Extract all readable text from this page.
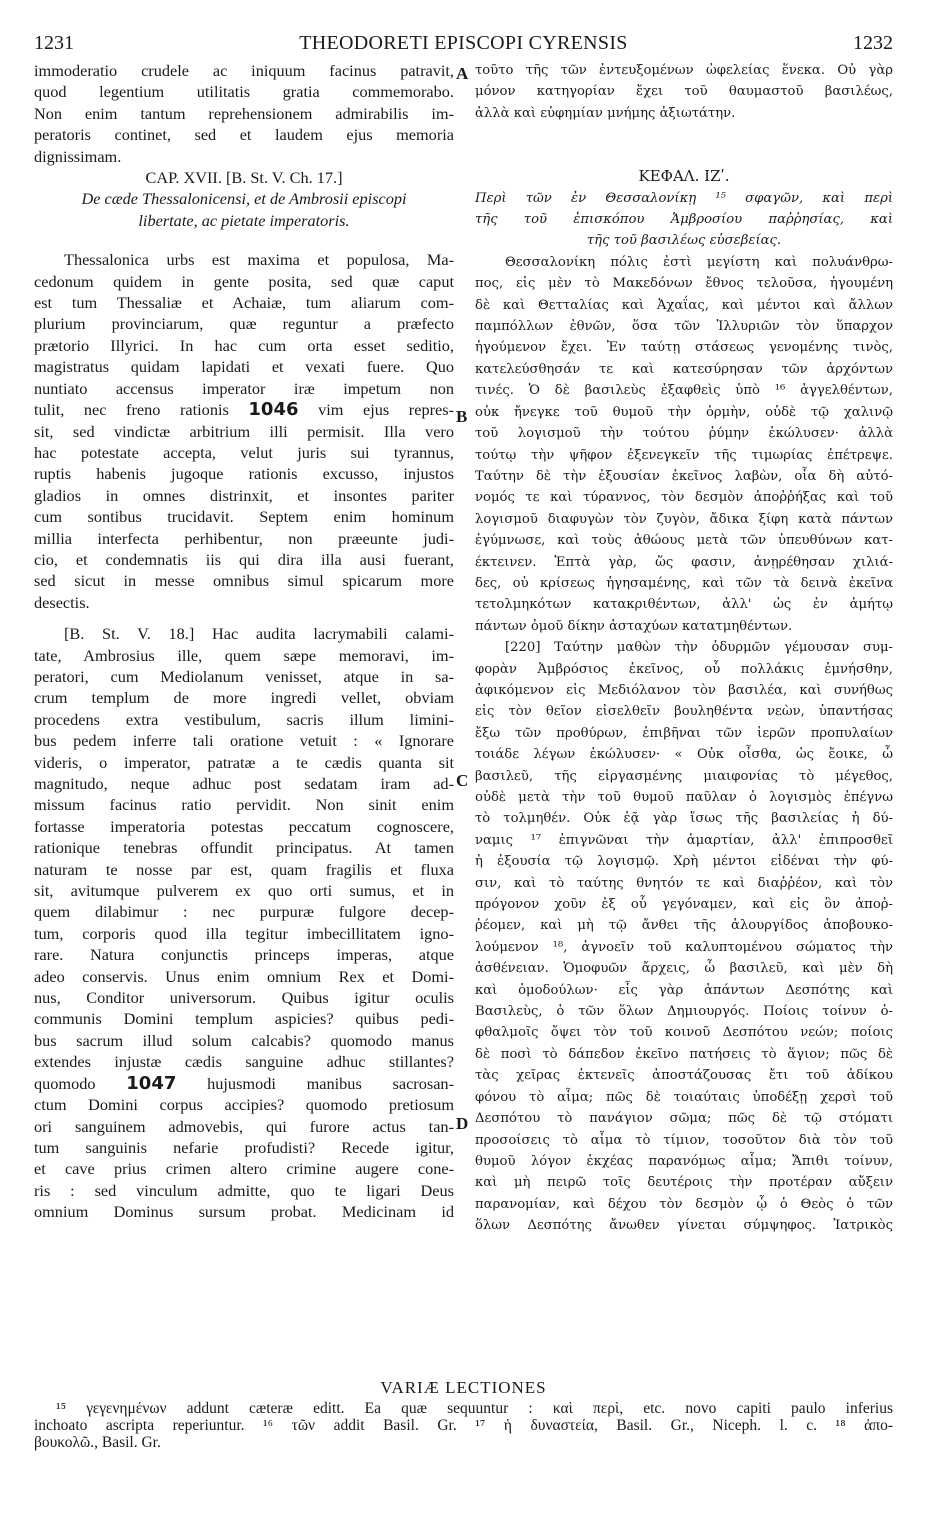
1231	THEODORETI EPISCOPI CYRENSIS	1232
A
B
C
D
immoderatio crudele ac iniquum facinus patravit,
quod legentium utilitatis gratia commemorabo.
Non enim tantum reprehensionem admirabilis im-
peratoris continet, sed et laudem ejus memoria
dignissimam.
CAP. XVII. [B. St. V. Ch. 17.]
De cæde Thessalonicensi, et de Ambrosii episcopi
libertate, ac pietate imperatoris.
Thessalonica urbs est maxima et populosa, Ma-
cedonum quidem in gente posita, sed quæ caput
est tum Thessaliæ et Achaiæ, tum aliarum com-
plurium provinciarum, quæ reguntur a præfecto
prætorio Illyrici. In hac cum orta esset seditio,
magistratus quidam lapidati et vexati fuere. Quo
nuntiato accensus imperator iræ impetum non
tulit, nec freno rationis 1046 vim ejus repres-
sit, sed vindictæ arbitrium illi permisit. Illa vero
hac potestate accepta, velut juris sui tyrannus,
ruptis habenis jugoque rationis excusso, injustos
gladios in omnes distrinxit, et insontes pariter
cum sontibus trucidavit. Septem enim hominum
millia interfecta perhibentur, non præeunte judi-
cio, et condemnatis iis qui dira illa ausi fuerant,
sed sicut in messe omnibus simul spicarum more
desectis.
[B. St. V. 18.] Hac audita lacrymabili calami-
tate, Ambrosius ille, quem sæpe memoravi, im-
peratori, cum Mediolanum venisset, atque in sa-
crum templum de more ingredi vellet, obviam
procedens extra vestibulum, sacris illum limini-
bus pedem inferre tali oratione vetuit : « Ignorare
videris, o imperator, patratæ a te cædis quanta sit
magnitudo, neque adhuc post sedatam iram ad-
missum facinus ratio pervidit. Non sinit enim
fortasse imperatoria potestas peccatum cognoscere,
rationique tenebras offundit principatus. At tamen
naturam te nosse par est, quam fragilis et fluxa
sit, avitumque pulverem ex quo orti sumus, et in
quem dilabimur : nec purpuræ fulgore decep-
tum, corporis quod illa tegitur imbecillitatem igno-
rare. Natura conjunctis princeps imperas, atque
adeo conservis. Unus enim omnium Rex et Domi-
nus, Conditor universorum. Quibus igitur oculis
communis Domini templum aspicies? quibus pedi-
bus sacrum illud solum calcabis? quomodo manus
extendes injustæ cædis sanguine adhuc stillantes?
quomodo 1047 hujusmodi manibus sacrosan-
ctum Domini corpus accipies? quomodo pretiosum
ori sanguinem admovebis, qui furore actus tan-
tum sanguinis nefarie profudisti? Recede igitur,
et cave prius crimen altero crimine augere cone-
ris : sed vinculum admitte, quo te ligari Deus
omnium Dominus sursum probat. Medicinam id
τοῦτο τῆς τῶν ἐντευξομένων ὠφελείας ἕνεκα. Οὐ γὰρ
μόνον κατηγορίαν ἔχει τοῦ θαυμαστοῦ βασιλέως,
ἀλλὰ καὶ εὐφημίαν μνήμης ἀξιωτάτην.
ΚΕΦΑΛ. ΙΖʹ.
Περὶ τῶν ἐν Θεσσαλονίκῃ ¹⁵ σφαγῶν, καὶ περὶ
τῆς τοῦ ἐπισκόπου Ἀμβροσίου παῤῥησίας, καὶ
τῆς τοῦ βασιλέως εὐσεβείας.
Θεσσαλονίκη πόλις ἐστὶ μεγίστη καὶ πολυάνθρω-
πος, εἰς μὲν τὸ Μακεδόνων ἔθνος τελοῦσα, ἡγουμένη
δὲ καὶ Θετταλίας καὶ Ἀχαΐας, καὶ μέντοι καὶ ἄλλων
παμπόλλων ἐθνῶν, ὅσα τῶν Ἰλλυριῶν τὸν ὕπαρχον
ἡγούμενον ἔχει. Ἐν ταύτῃ στάσεως γενομένης τινὸς,
κατελεύσθησάν τε καὶ κατεσύρησαν τῶν ἀρχόντων
τινές. Ὁ δὲ βασιλεὺς ἐξαφθεὶς ὑπὸ ¹⁶ ἀγγελθέντων,
οὐκ ἤνεγκε τοῦ θυμοῦ τὴν ὁρμὴν, οὐδὲ τῷ χαλινῷ
τοῦ λογισμοῦ τὴν τούτου ῥύμην ἐκώλυσεν· ἀλλὰ
τούτῳ τὴν ψῆφον ἐξενεγκεῖν τῆς τιμωρίας ἐπέτρεψε.
Ταύτην δὲ τὴν ἐξουσίαν ἐκεῖνος λαβὼν, οἷα δὴ αὐτό-
νομός τε καὶ τύραννος, τὸν δεσμὸν ἀποῤῥήξας καὶ τοῦ
λογισμοῦ διαφυγὼν τὸν ζυγὸν, ἄδικα ξίφη κατὰ πάντων
ἐγύμνωσε, καὶ τοὺς ἀθώους μετὰ τῶν ὑπευθύνων κατ-
έκτεινεν. Ἑπτὰ γὰρ, ὥς φασιν, ἀνῃρέθησαν χιλιά-
δες, οὐ κρίσεως ἡγησαμένης, καὶ τῶν τὰ δεινὰ ἐκεῖνα
τετολμηκότων κατακριθέντων, ἀλλ' ὡς ἐν ἀμήτῳ
πάντων ὁμοῦ δίκην ἀσταχύων κατατμηθέντων.
[220] Ταύτην μαθὼν τὴν ὀδυρμῶν γέμουσαν συμ-
φορὰν Ἀμβρόσιος ἐκεῖνος, οὗ πολλάκις ἐμνήσθην,
ἀφικόμενον εἰς Μεδιόλανον τὸν βασιλέα, καὶ συνήθως
εἰς τὸν θεῖον εἰσελθεῖν βουληθέντα νεὼν, ὑπαντήσας
ἔξω τῶν προθύρων, ἐπιβῆναι τῶν ἱερῶν προπυλαίων
τοιάδε λέγων ἐκώλυσεν· « Οὐκ οἶσθα, ὡς ἔοικε, ὦ
βασιλεῦ, τῆς εἰργασμένης μιαιφονίας τὸ μέγεθος,
οὐδὲ μετὰ τὴν τοῦ θυμοῦ παῦλαν ὁ λογισμὸς ἐπέγνω
τὸ τολμηθέν. Οὐκ ἐᾷ γὰρ ἴσως τῆς βασιλείας ἡ δύ-
ναμις ¹⁷ ἐπιγνῶναι τὴν ἁμαρτίαν, ἀλλ' ἐπιπροσθεῖ
ἡ ἐξουσία τῷ λογισμῷ. Χρὴ μέντοι εἰδέναι τὴν φύ-
σιν, καὶ τὸ ταύτης θνητόν τε καὶ διαῤῥέον, καὶ τὸν
πρόγονον χοῦν ἐξ οὗ γεγόναμεν, καὶ εἰς ὃν ἀποῤ-
ῥέομεν, καὶ μὴ τῷ ἄνθει τῆς ἁλουργίδος ἀποβουκο-
λούμενον ¹⁸, ἀγνοεῖν τοῦ καλυπτομένου σώματος τὴν
ἀσθένειαν. Ὁμοφυῶν ἄρχεις, ὦ βασιλεῦ, καὶ μὲν δὴ
καὶ ὁμοδούλων· εἷς γὰρ ἁπάντων Δεσπότης καὶ
Βασιλεὺς, ὁ τῶν ὅλων Δημιουργός. Ποίοις τοίνυν ὀ-
φθαλμοῖς ὄψει τὸν τοῦ κοινοῦ Δεσπότου νεών; ποίοις
δὲ ποσὶ τὸ δάπεδον ἐκεῖνο πατήσεις τὸ ἅγιον; πῶς δὲ
τὰς χεῖρας ἐκτενεῖς ἀποστάζουσας ἔτι τοῦ ἀδίκου
φόνου τὸ αἷμα; πῶς δὲ τοιαύταις ὑποδέξῃ χερσὶ τοῦ
Δεσπότου τὸ πανάγιον σῶμα; πῶς δὲ τῷ στόματι
προσοίσεις τὸ αἷμα τὸ τίμιον, τοσοῦτον διὰ τὸν τοῦ
θυμοῦ λόγον ἐκχέας παρανόμως αἷμα; Ἄπιθι τοίνυν,
καὶ μὴ πειρῶ τοῖς δευτέροις τὴν προτέραν αὔξειν
παρανομίαν, καὶ δέχου τὸν δεσμὸν ᾧ ὁ Θεὸς ὁ τῶν
ὅλων Δεσπότης ἄνωθεν γίνεται σύμψηφος. Ἰατρικὸς
VARIÆ LECTIONES
¹⁵ γεγενημένων addunt cæteræ editt. Ea quæ sequuntur : καὶ περὶ, etc. novo capiti paulo inferius
inchoato ascripta reperiuntur. ¹⁶ τῶν addit Basil. Gr. ¹⁷ ἡ δυναστεία, Basil. Gr., Niceph. l. c. ¹⁸ ἀπο-
βουκολῶ., Basil. Gr.
